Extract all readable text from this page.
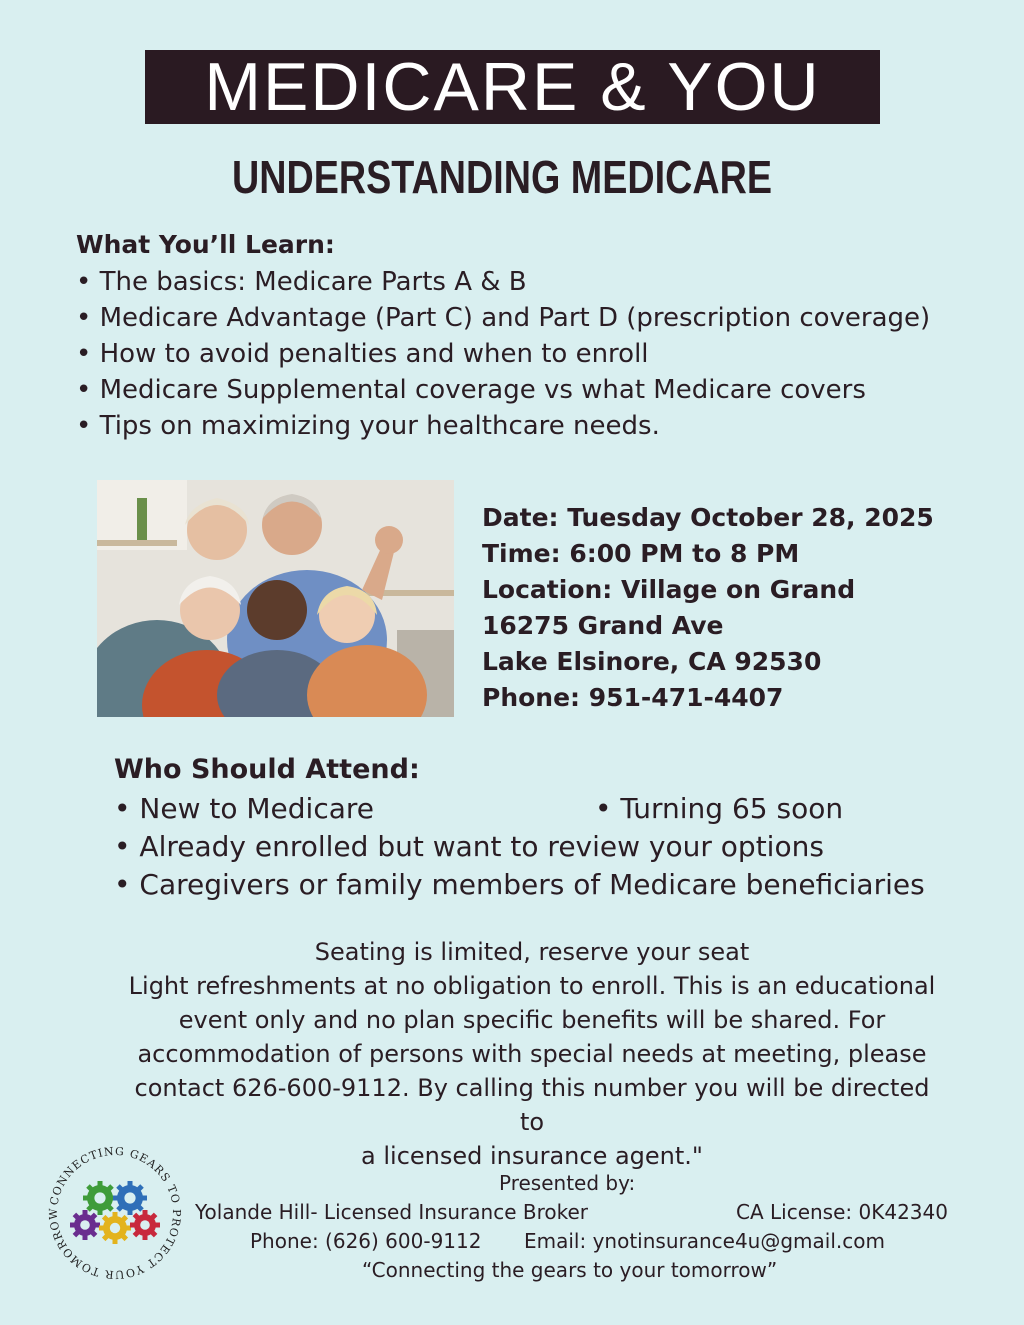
MEDICARE & YOU
UNDERSTANDING MEDICARE
What You’ll Learn:
• The basics: Medicare Parts A & B
• Medicare Advantage (Part C) and Part D (prescription coverage)
• How to avoid penalties and when to enroll
• Medicare Supplemental coverage vs what Medicare covers
• Tips on maximizing your healthcare needs.
Date: Tuesday October 28, 2025
Time: 6:00 PM to 8 PM
Location: Village on Grand
16275 Grand Ave
Lake Elsinore, CA 92530
Phone: 951-471-4407
Who Should Attend:
• New to Medicare	• Turning 65 soon
• Already enrolled but want to review your options
• Caregivers or family members of Medicare beneficiaries
Seating is limited, reserve your seat
Light refreshments at no obligation to enroll. This is an educational
event only and no plan specific benefits will be shared. For
accommodation of persons with special needs at meeting, please
contact 626-600-9112. By calling this number you will be directed to
a licensed insurance agent."
CONNECTING GEARS TO PROTECT YOUR TOMORROW
Presented by:
Yolande Hill- Licensed Insurance Broker	CA License: 0K42340
Phone: (626) 600-9112 Email: ynotinsurance4u@gmail.com
“Connecting the gears to your tomorrow”
